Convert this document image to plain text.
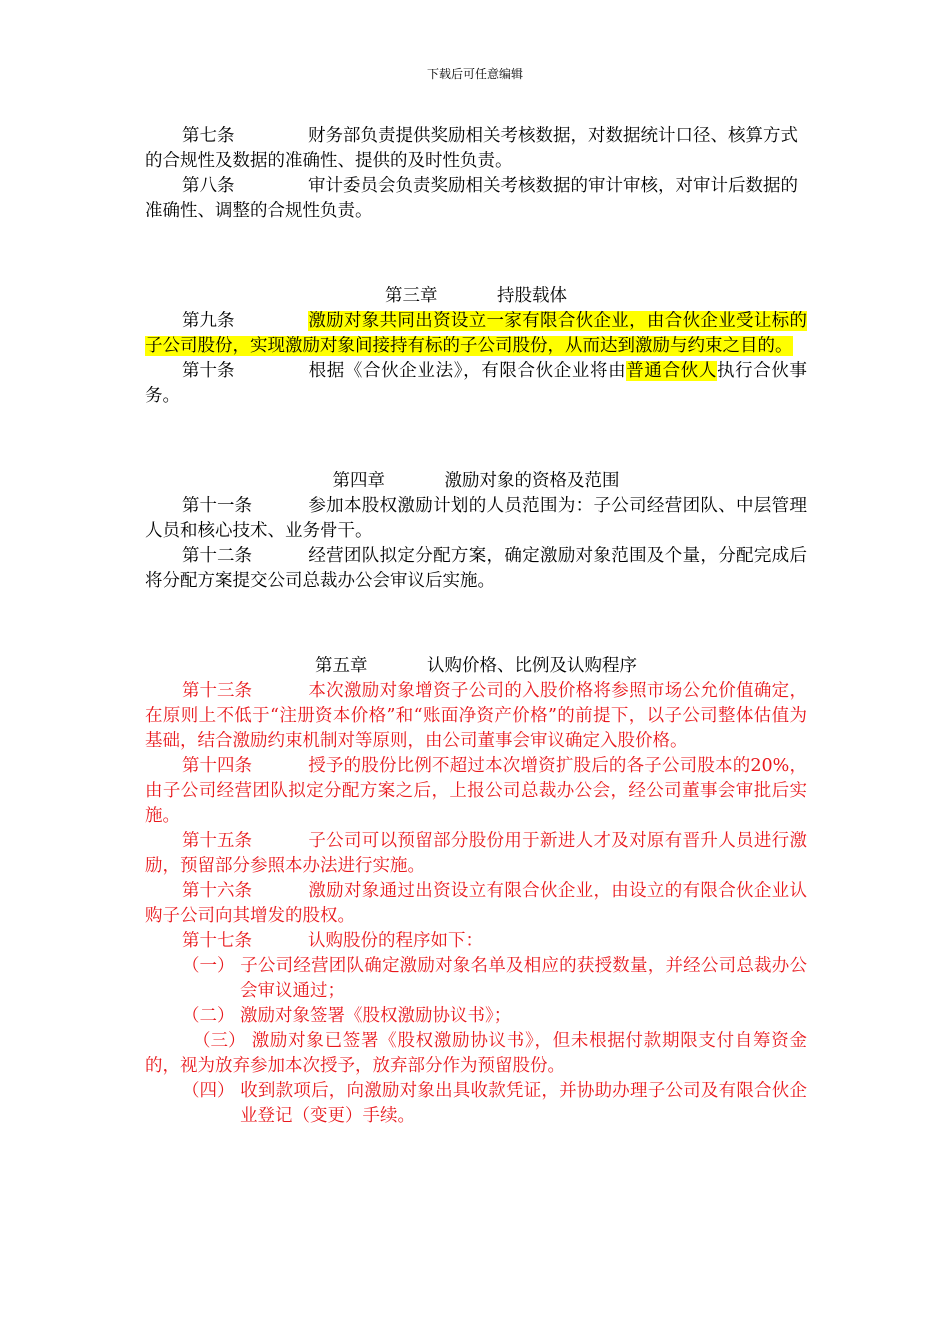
下载后可任意编辑

第七条	财务部负责提供奖励相关考核数据，对数据统计口径、核算方式

的合规性及数据的准确性、提供的及时性负责。

第八条	审计委员会负责奖励相关考核数据的审计审核，对审计后数据的

准确性、调整的合规性负责。

第三章	持股载体

第九条	激励对象共同出资设立一家有限合伙企业，由合伙企业受让标的子公司股份，实现激励对象间接持有标的子公司股份，从而达到激励与约束之目的。

第十条	根据《合伙企业法》，有限合伙企业将由普通合伙人执行合伙事务。

第四章	激励对象的资格及范围

第十一条	参加本股权激励计划的人员范围为：子公司经营团队、中层管理人员和核心技术、业务骨干。

第十二条	经营团队拟定分配方案，确定激励对象范围及个量，分配完成后将分配方案提交公司总裁办公会审议后实施。

第五章	认购价格、比例及认购程序

第十三条	本次激励对象增资子公司的入股价格将参照市场公允价值确定，在原则上不低于“注册资本价格”和“账面净资产价格”的前提下，以子公司整体估值为基础，结合激励约束机制对等原则，由公司董事会审议确定入股价格。

第十四条	授予的股份比例不超过本次增资扩股后的各子公司股本的20%，由子公司经营团队拟定分配方案之后，上报公司总裁办公会，经公司董事会审批后实施。

第十五条	子公司可以预留部分股份用于新进人才及对原有晋升人员进行激励，预留部分参照本办法进行实施。

第十六条	激励对象通过出资设立有限合伙企业，由设立的有限合伙企业认购子公司向其增发的股权。

第十七条	认购股份的程序如下：

（一） 子公司经营团队确定激励对象名单及相应的获授数量，并经公司总裁办公会审议通过；

（二） 激励对象签署《股权激励协议书》；

（三） 激励对象已签署《股权激励协议书》，但未根据付款期限支付自筹资金的，视为放弃参加本次授予，放弃部分作为预留股份。

（四） 收到款项后，向激励对象出具收款凭证，并协助办理子公司及有限合伙企业登记（变更）手续。
